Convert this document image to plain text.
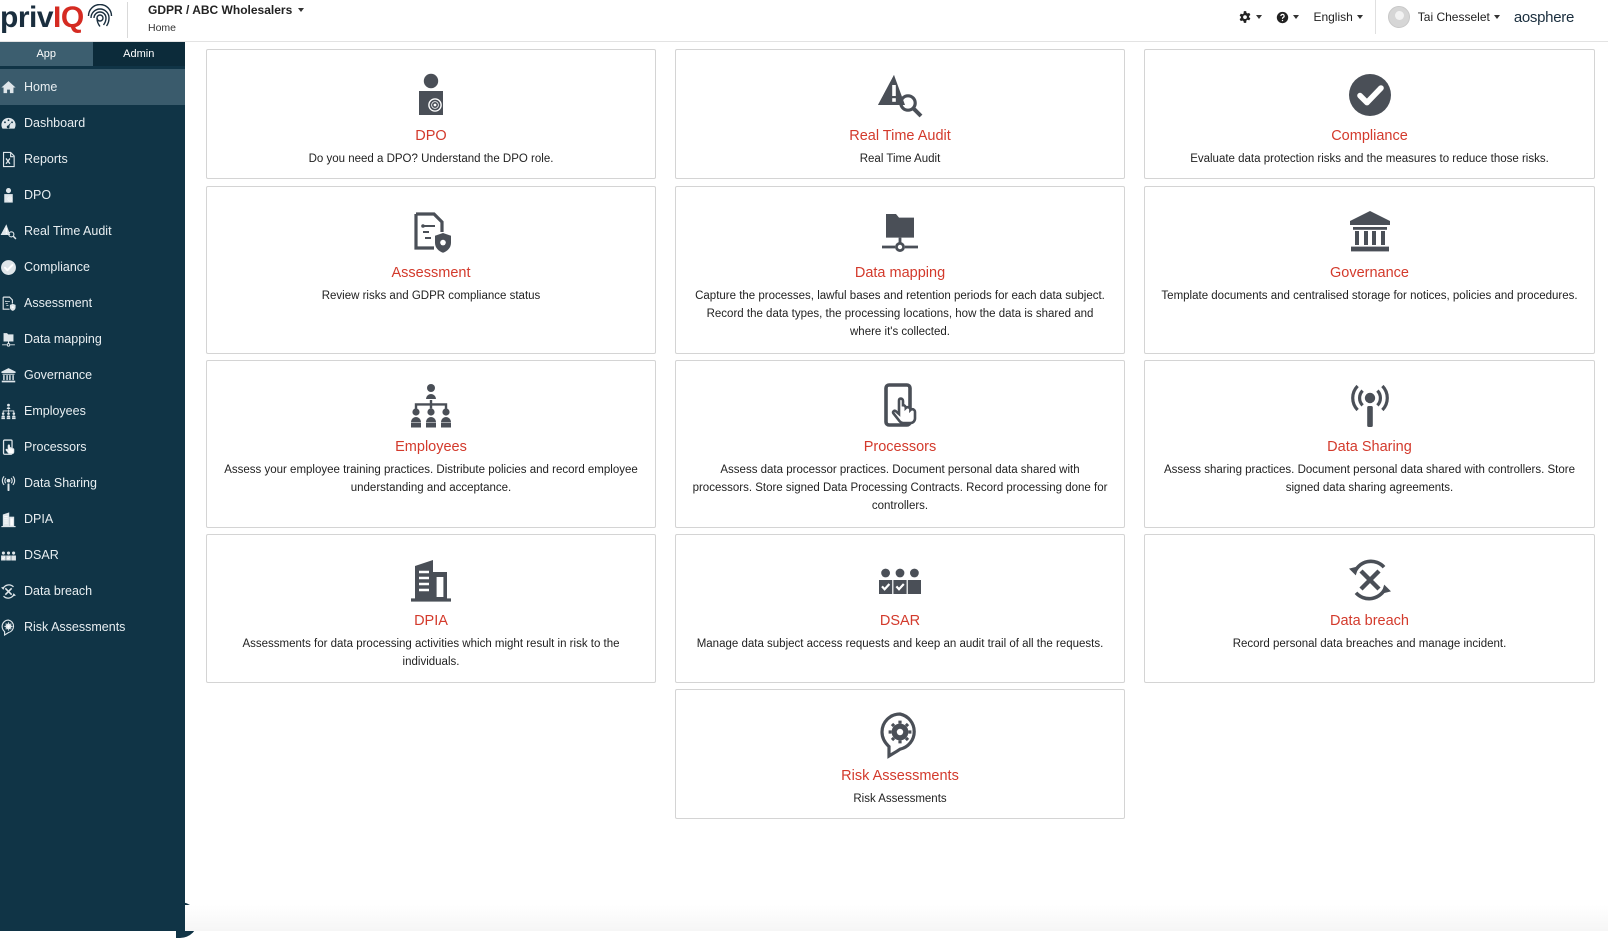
privIQ	GDPR / ABC Wholesalers
Home
English	Tai Chesselet aosphere
App	Admin
Home
Dashboard
Reports
DPO
Real Time Audit
Compliance
Assessment
Data mapping
Governance
Employees
Processors
Data Sharing
DPIA
DSAR
Data breach
Risk Assessments
DPO
Do you need a DPO? Understand the DPO role.
Real Time Audit
Real Time Audit
Compliance
Evaluate data protection risks and the measures to reduce those risks.
Assessment
Review risks and GDPR compliance status
Data mapping
Capture the processes, lawful bases and retention periods for each data subject. Record the data types, the processing locations, how the data is shared and where it's collected.
Governance
Template documents and centralised storage for notices, policies and procedures.
Employees
Assess your employee training practices. Distribute policies and record employee understanding and acceptance.
Processors
Assess data processor practices. Document personal data shared with processors. Store signed Data Processing Contracts. Record processing done for controllers.
Data Sharing
Assess sharing practices. Document personal data shared with controllers. Store signed data sharing agreements.
DPIA
Assessments for data processing activities which might result in risk to the individuals.
DSAR
Manage data subject access requests and keep an audit trail of all the requests.
Data breach
Record personal data breaches and manage incident.
Risk Assessments
Risk Assessments
